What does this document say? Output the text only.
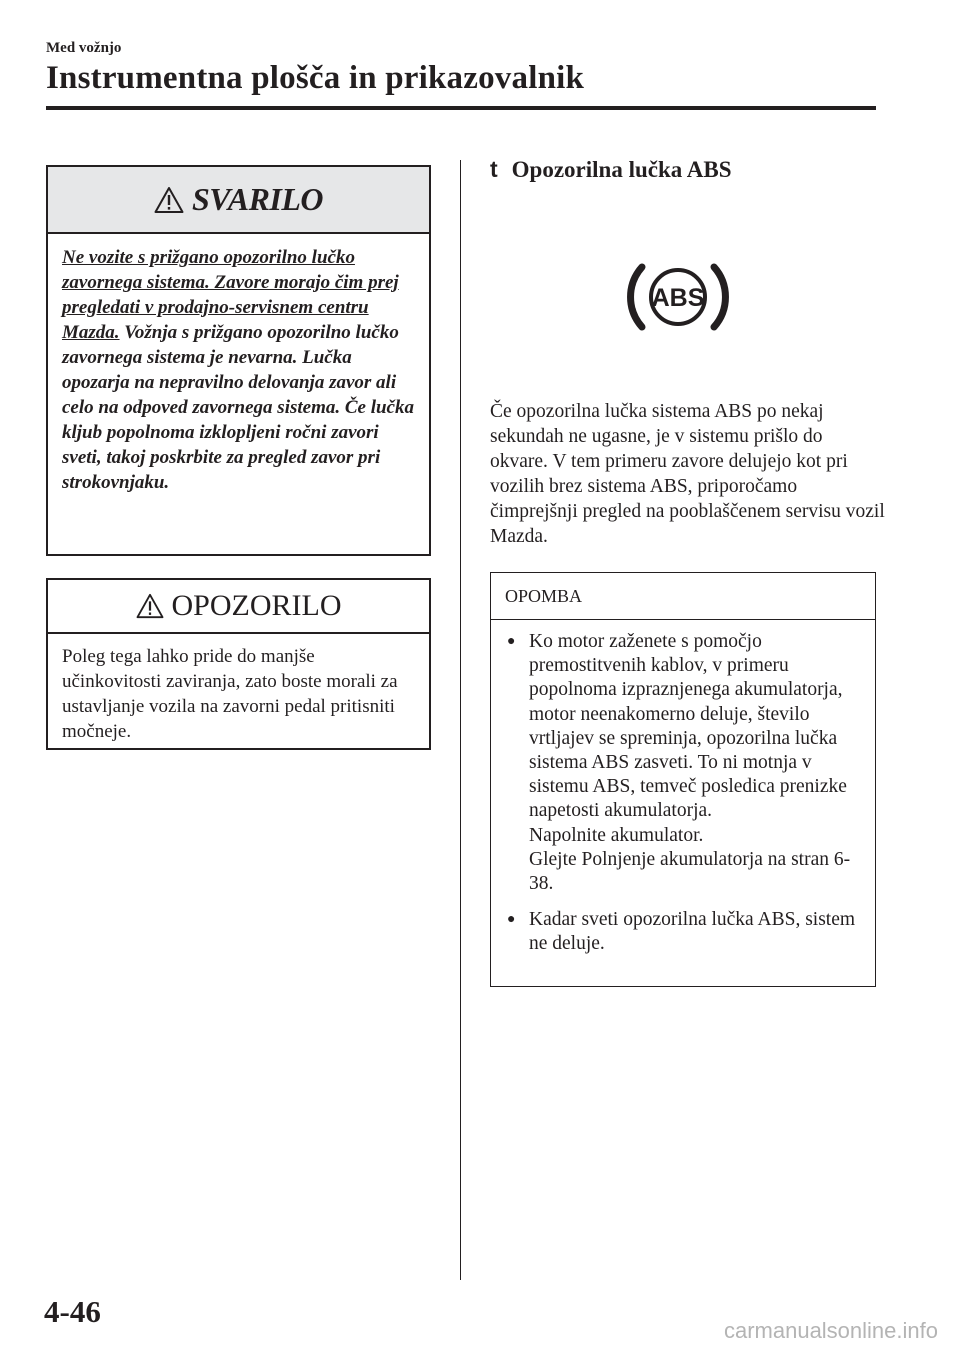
Med vožnjo
Instrumentna plošča in prikazovalnik
SVARILO
Ne vozite s prižgano opozorilno lučko zavornega sistema. Zavore morajo čim prej pregledati v prodajno-servisnem centru Mazda. Vožnja s prižgano opozorilno lučko zavornega sistema je nevarna. Lučka opozarja na nepravilno delovanja zavor ali celo na odpoved zavornega sistema. Če lučka kljub popolnoma izklopljeni ročni zavori sveti, takoj poskrbite za pregled zavor pri strokovnjaku.
OPOZORILO
Poleg tega lahko pride do manjše učinkovitosti zaviranja, zato boste morali za ustavljanje vozila na zavorni pedal pritisniti močneje.
t Opozorilna lučka ABS
ABS
Če opozorilna lučka sistema ABS po nekaj sekundah ne ugasne, je v sistemu prišlo do okvare. V tem primeru zavore delujejo kot pri vozilih brez sistema ABS, priporočamo čimprejšnji pregled na pooblaščenem servisu vozil Mazda.
OPOMBA
● Ko motor zaženete s pomočjo premostitvenih kablov, v primeru popolnoma izpraznjenega akumulatorja, motor neenakomerno deluje, število vrtljajev se spreminja, opozorilna lučka sistema ABS zasveti. To ni motnja v sistemu ABS, temveč posledica prenizke napetosti akumulatorja.
Napolnite akumulator.
Glejte Polnjenje akumulatorja na stran 6-38.
● Kadar sveti opozorilna lučka ABS, sistem ne deluje.
4-46
carmanualsonline.info
